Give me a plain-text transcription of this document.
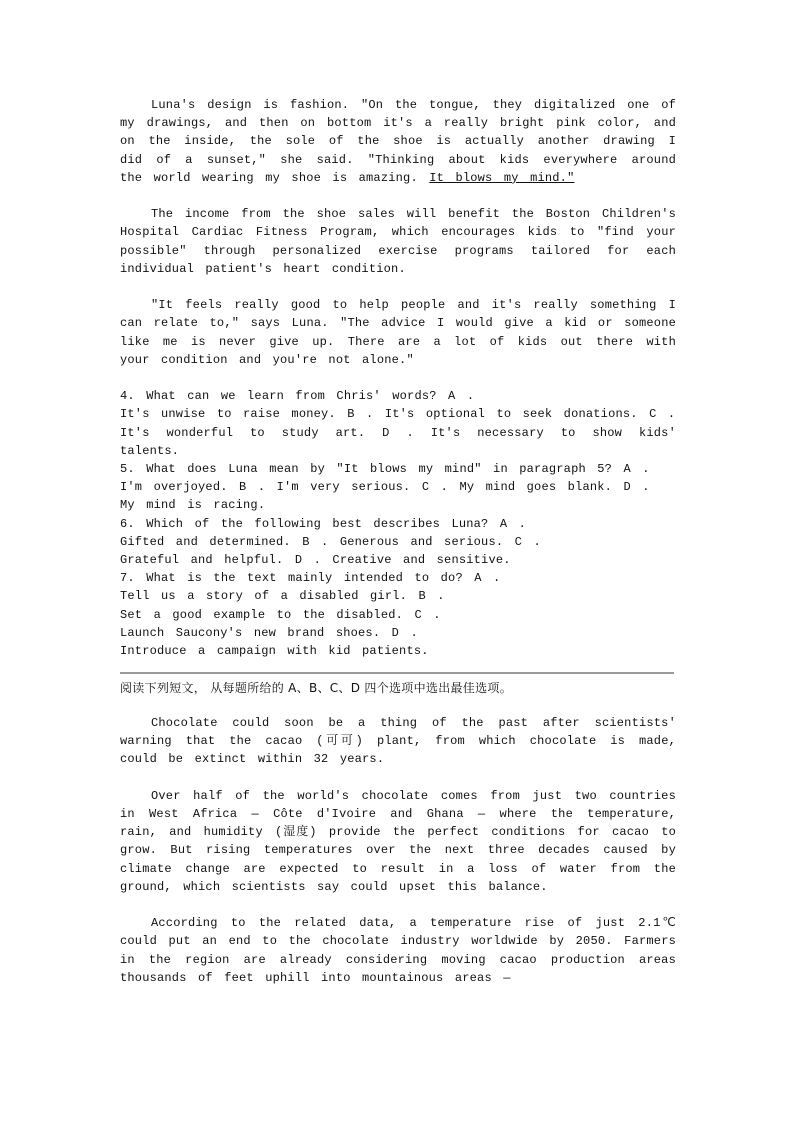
Luna's design is fashion. ″On the tongue, they digitalized one of my drawings, and then on bottom it's a really bright pink color, and on the inside, the sole of the shoe is actually another drawing I did of a sunset,″ she said. ″Thinking about kids everywhere around the world wearing my shoe is amazing. It blows my mind.″

The income from the shoe sales will benefit the Boston Children's Hospital Cardiac Fitness Program, which encourages kids to ″find your possible″ through personalized exercise programs tailored for each individual patient's heart condition.

″It feels really good to help people and it's really something I can relate to,″ says Luna. ″The advice I would give a kid or someone like me is never give up. There are a lot of kids out there with your condition and you're not alone.″

4. What can we learn from Chris' words? A .
It's unwise to raise money. B . It's optional to seek donations. C .
It's wonderful to study art. D . It's necessary to show kids' talents.
5. What does Luna mean by ″It blows my mind″ in paragraph 5? A .
I'm overjoyed. B . I'm very serious. C . My mind goes blank. D .
My mind is racing.
6. Which of the following best describes Luna? A .
Gifted and determined. B . Generous and serious. C .
Grateful and helpful. D . Creative and sensitive.
7. What is the text mainly intended to do? A .
Tell us a story of a disabled girl. B .
Set a good example to the disabled. C .
Launch Saucony's new brand shoes. D .
Introduce a campaign with kid patients.

阅读下列短文， 从每题所给的 A、B、C、D 四个选项中选出最佳选项。

Chocolate could soon be a thing of the past after scientists' warning that the cacao (可可) plant, from which chocolate is made, could be extinct within 32 years.

Over half of the world's chocolate comes from just two countries in West Africa — Côte d'Ivoire and Ghana — where the temperature, rain, and humidity (湿度) provide the perfect conditions for cacao to grow. But rising temperatures over the next three decades caused by climate change are expected to result in a loss of water from the ground, which scientists say could upset this balance.

According to the related data, a temperature rise of just 2.1℃ could put an end to the chocolate industry worldwide by 2050. Farmers in the region are already considering moving cacao production areas thousands of feet uphill into mountainous areas —
